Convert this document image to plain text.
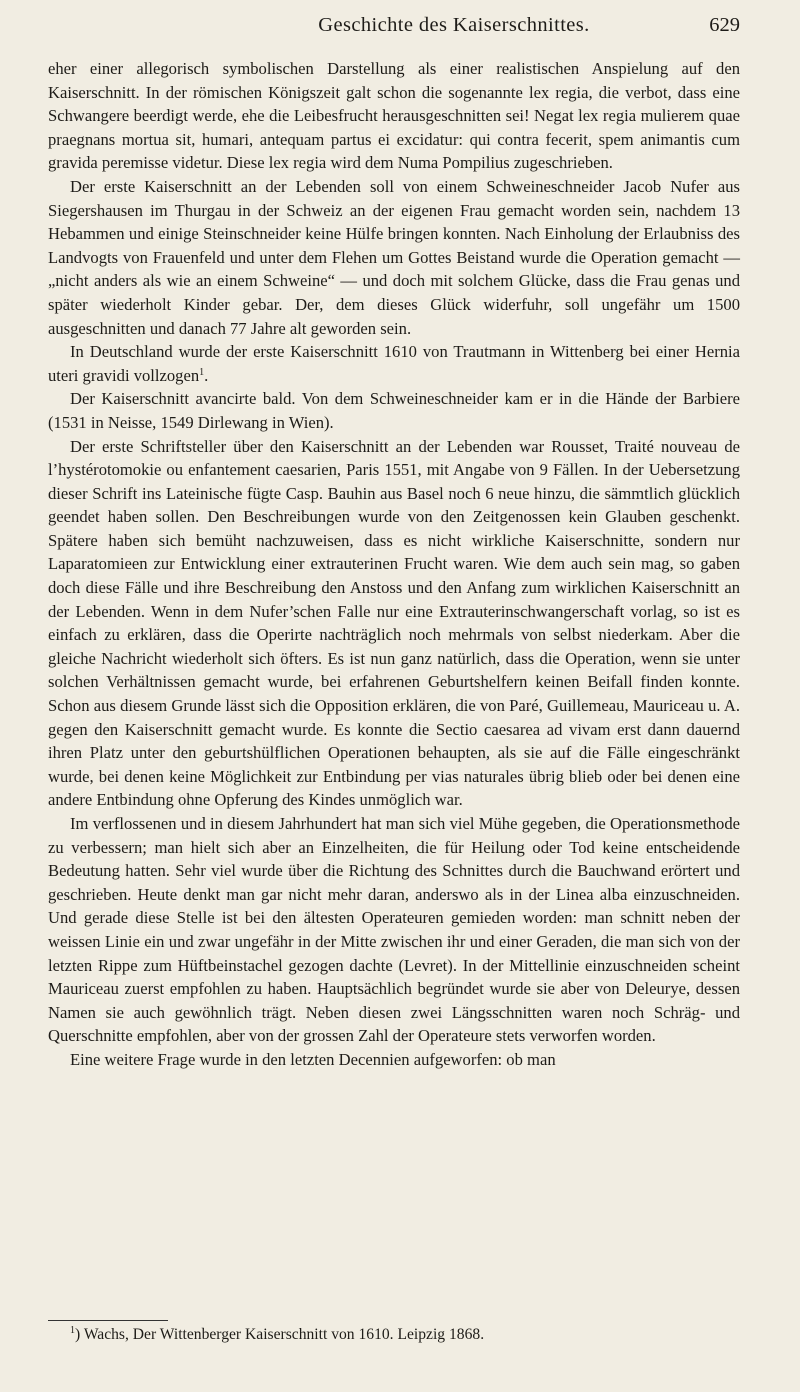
Geschichte des Kaiserschnittes.	629

eher einer allegorisch symbolischen Darstellung als einer realistischen Anspielung auf den Kaiserschnitt. In der römischen Königszeit galt schon die sogenannte lex regia, die verbot, dass eine Schwangere beerdigt werde, ehe die Leibesfrucht herausgeschnitten sei! Negat lex regia mulierem quae praegnans mortua sit, humari, antequam partus ei excidatur: qui contra fecerit, spem animantis cum gravida peremisse videtur. Diese lex regia wird dem Numa Pompilius zugeschrieben.

Der erste Kaiserschnitt an der Lebenden soll von einem Schweineschneider Jacob Nufer aus Siegershausen im Thurgau in der Schweiz an der eigenen Frau gemacht worden sein, nachdem 13 Hebammen und einige Steinschneider keine Hülfe bringen konnten. Nach Einholung der Erlaubniss des Landvogts von Frauenfeld und unter dem Flehen um Gottes Beistand wurde die Operation gemacht — „nicht anders als wie an einem Schweine“ — und doch mit solchem Glücke, dass die Frau genas und später wiederholt Kinder gebar. Der, dem dieses Glück widerfuhr, soll ungefähr um 1500 ausgeschnitten und danach 77 Jahre alt geworden sein.

In Deutschland wurde der erste Kaiserschnitt 1610 von Trautmann in Wittenberg bei einer Hernia uteri gravidi vollzogen$^1$.

Der Kaiserschnitt avancirte bald. Von dem Schweineschneider kam er in die Hände der Barbiere (1531 in Neisse, 1549 Dirlewang in Wien).

Der erste Schriftsteller über den Kaiserschnitt an der Lebenden war Rousset, Traité nouveau de l’hystérotomokie ou enfantement caesarien, Paris 1551, mit Angabe von 9 Fällen. In der Uebersetzung dieser Schrift ins Lateinische fügte Casp. Bauhin aus Basel noch 6 neue hinzu, die sämmtlich glücklich geendet haben sollen. Den Beschreibungen wurde von den Zeitgenossen kein Glauben geschenkt. Spätere haben sich bemüht nachzuweisen, dass es nicht wirkliche Kaiserschnitte, sondern nur Laparatomieen zur Entwicklung einer extrauterinen Frucht waren. Wie dem auch sein mag, so gaben doch diese Fälle und ihre Beschreibung den Anstoss und den Anfang zum wirklichen Kaiserschnitt an der Lebenden. Wenn in dem Nufer’schen Falle nur eine Extrauterinschwangerschaft vorlag, so ist es einfach zu erklären, dass die Operirte nachträglich noch mehrmals von selbst niederkam. Aber die gleiche Nachricht wiederholt sich öfters. Es ist nun ganz natürlich, dass die Operation, wenn sie unter solchen Verhältnissen gemacht wurde, bei erfahrenen Geburtshelfern keinen Beifall finden konnte. Schon aus diesem Grunde lässt sich die Opposition erklären, die von Paré, Guillemeau, Mauriceau u. A. gegen den Kaiserschnitt gemacht wurde. Es konnte die Sectio caesarea ad vivam erst dann dauernd ihren Platz unter den geburtshülflichen Operationen behaupten, als sie auf die Fälle eingeschränkt wurde, bei denen keine Möglichkeit zur Entbindung per vias naturales übrig blieb oder bei denen eine andere Entbindung ohne Opferung des Kindes unmöglich war.

Im verflossenen und in diesem Jahrhundert hat man sich viel Mühe gegeben, die Operationsmethode zu verbessern; man hielt sich aber an Einzelheiten, die für Heilung oder Tod keine entscheidende Bedeutung hatten. Sehr viel wurde über die Richtung des Schnittes durch die Bauchwand erörtert und geschrieben. Heute denkt man gar nicht mehr daran, anderswo als in der Linea alba einzuschneiden. Und gerade diese Stelle ist bei den ältesten Operateuren gemieden worden: man schnitt neben der weissen Linie ein und zwar ungefähr in der Mitte zwischen ihr und einer Geraden, die man sich von der letzten Rippe zum Hüftbeinstachel gezogen dachte (Levret). In der Mittellinie einzuschneiden scheint Mauriceau zuerst empfohlen zu haben. Hauptsächlich begründet wurde sie aber von Deleurye, dessen Namen sie auch gewöhnlich trägt. Neben diesen zwei Längsschnitten waren noch Schräg- und Querschnitte empfohlen, aber von der grossen Zahl der Operateure stets verworfen worden.

Eine weitere Frage wurde in den letzten Decennien aufgeworfen: ob man

$^1$) Wachs, Der Wittenberger Kaiserschnitt von 1610. Leipzig 1868.
